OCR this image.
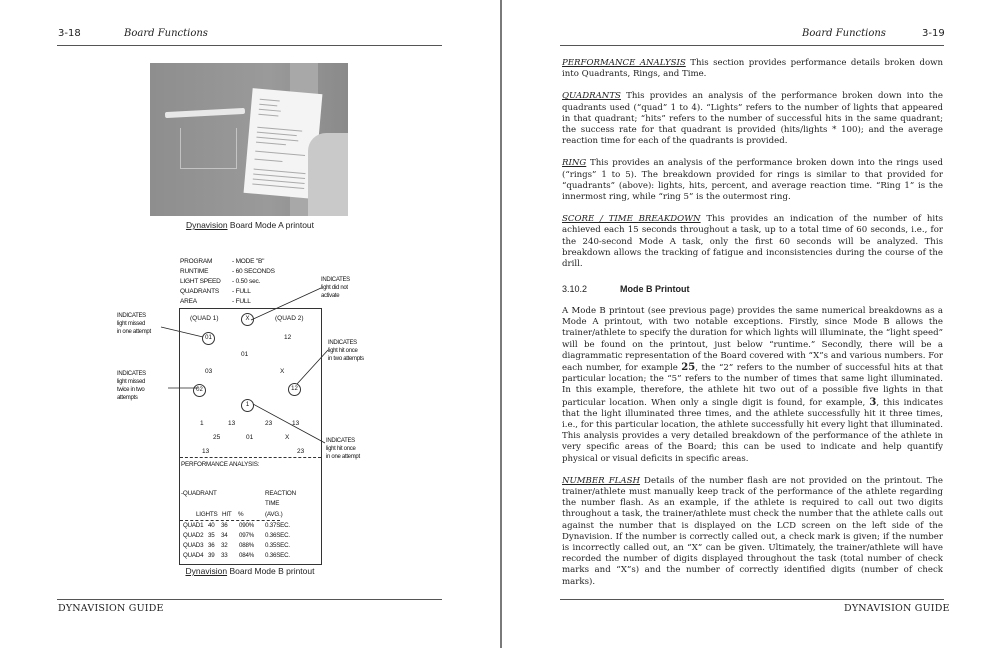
3-18	Board Functions
Dynavision Board Mode A printout
PROGRAM	- MODE "B"
RUNTIME	- 60 SECONDS
LIGHT SPEED - 0.50 sec.
QUADRANTS - FULL
AREA	- FULL
(QUAD 1)	X	(QUAD 2)
01	12
01
03	X
02	12
1
1	13	23	13
25	01	X
13	23
PERFORMANCE ANALYSIS:
-QUADRANT	REACTION
TIME
LIGHTS HIT %	(AVG.)
QUAD1 40 36 090% 0.37SEC.
QUAD2 35 34 097% 0.36SEC.
QUAD3 36 32 088% 0.35SEC.
QUAD4 39 33 084% 0.36SEC.
INDICATES
light did not
activate
INDICATES
light missed
in one attempt
INDICATES
light hit once
in two attempts
INDICATES
light missed
twice in two
attempts
INDICATES
light hit once
in one attempt
Dynavision Board Mode B printout
DYNAVISION GUIDE
Board Functions	3-19

PERFORMANCE ANALYSIS This section provides performance details broken down into Quadrants, Rings, and Time.

QUADRANTS This provides an analysis of the performance broken down into the quadrants used (“quad” 1 to 4). “Lights” refers to the number of lights that appeared in that quadrant; “hits” refers to the number of successful hits in the same quadrant; the success rate for that quadrant is provided (hits/lights * 100); and the average reaction time for each of the quadrants is provided.

RING This provides an analysis of the performance broken down into the rings used (“rings” 1 to 5). The breakdown provided for rings is similar to that provided for “quadrants” (above): lights, hits, percent, and average reaction time. “Ring 1” is the innermost ring, while “ring 5” is the outermost ring.

SCORE / TIME BREAKDOWN This provides an indication of the number of hits achieved each 15 seconds throughout a task, up to a total time of 60 seconds, i.e., for the 240-second Mode A task, only the first 60 seconds will be analyzed. This breakdown allows the tracking of fatigue and inconsistencies during the course of the drill.

3.10.2	Mode B Printout

A Mode B printout (see previous page) provides the same numerical breakdowns as a Mode A printout, with two notable exceptions. Firstly, since Mode B allows the trainer/athlete to specify the duration for which lights will illuminate, the “light speed” will be found on the printout, just below “runtime.” Secondly, there will be a diagrammatic representation of the Board covered with “X”s and various numbers. For each number, for example 25, the “2” refers to the number of successful hits at that particular location; the “5” refers to the number of times that same light illuminated. In this example, therefore, the athlete hit two out of a possible five lights in that particular location. When only a single digit is found, for example, 3, this indicates that the light illuminated three times, and the athlete successfully hit it three times, i.e., for this particular location, the athlete successfully hit every light that illuminated. This analysis provides a very detailed breakdown of the performance of the athlete in very specific areas of the Board; this can be used to indicate and help quantify physical or visual deficits in specific areas.

NUMBER FLASH Details of the number flash are not provided on the printout. The trainer/athlete must manually keep track of the performance of the athlete regarding the number flash. As an example, if the athlete is required to call out two digits throughout a task, the trainer/athlete must check the number that the athlete calls out against the number that is displayed on the LCD screen on the left side of the Dynavision. If the number is correctly called out, a check mark is given; if the number is incorrectly called out, an “X” can be given. Ultimately, the trainer/athlete will have recorded the number of digits displayed throughout the task (total number of check marks and “X”s) and the number of correctly identified digits (number of check marks).

DYNAVISION GUIDE
